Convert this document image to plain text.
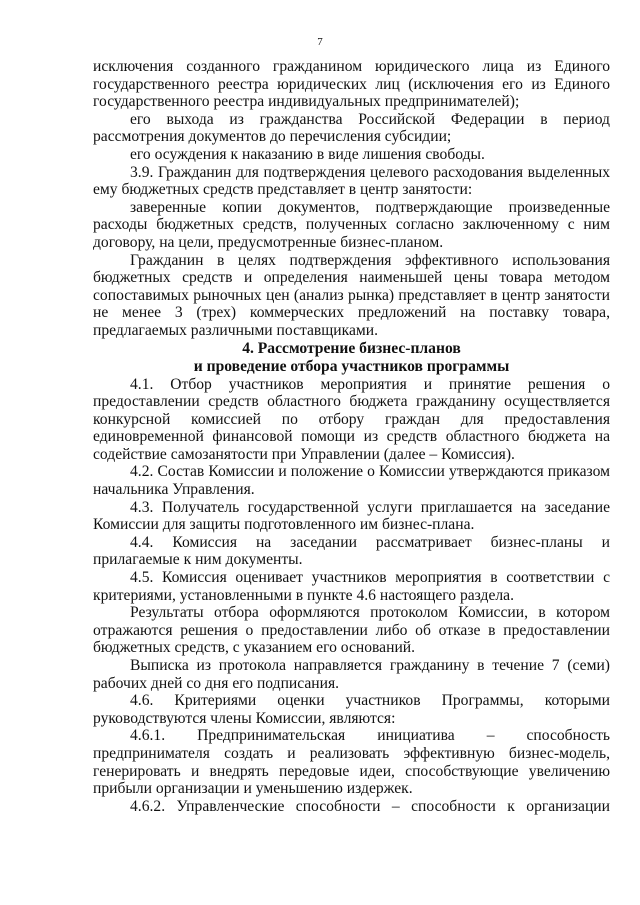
7

исключения созданного гражданином юридического лица из Единого государственного реестра юридических лиц (исключения его из Единого государственного реестра индивидуальных предпринимателей);

его выхода из гражданства Российской Федерации в период рассмотрения документов до перечисления субсидии;

его осуждения к наказанию в виде лишения свободы.

3.9. Гражданин для подтверждения целевого расходования выделенных ему бюджетных средств представляет в центр занятости:

заверенные копии документов, подтверждающие произведенные расходы бюджетных средств, полученных согласно заключенному с ним договору, на цели, предусмотренные бизнес-планом.

Гражданин в целях подтверждения эффективного использования бюджетных средств и определения наименьшей цены товара методом сопоставимых рыночных цен (анализ рынка) представляет в центр занятости не менее 3 (трех) коммерческих предложений на поставку товара, предлагаемых различными поставщиками.

4. Рассмотрение бизнес-планов
и проведение отбора участников программы

4.1. Отбор участников мероприятия и принятие решения о предоставлении средств областного бюджета гражданину осуществляется конкурсной комиссией по отбору граждан для предоставления единовременной финансовой помощи из средств областного бюджета на содействие самозанятости при Управлении (далее – Комиссия).

4.2. Состав Комиссии и положение о Комиссии утверждаются приказом начальника Управления.

4.3. Получатель государственной услуги приглашается на заседание Комиссии для защиты подготовленного им бизнес-плана.

4.4. Комиссия на заседании рассматривает бизнес-планы и прилагаемые к ним документы.

4.5. Комиссия оценивает участников мероприятия в соответствии с критериями, установленными в пункте 4.6 настоящего раздела.

Результаты отбора оформляются протоколом Комиссии, в котором отражаются решения о предоставлении либо об отказе в предоставлении бюджетных средств, с указанием его оснований.

Выписка из протокола направляется гражданину в течение 7 (семи) рабочих дней со дня его подписания.

4.6. Критериями оценки участников Программы, которыми руководствуются члены Комиссии, являются:

4.6.1. Предпринимательская инициатива – способность предпринимателя создать и реализовать эффективную бизнес-модель, генерировать и внедрять передовые идеи, способствующие увеличению прибыли организации и уменьшению издержек.

4.6.2. Управленческие способности – способности к организации
